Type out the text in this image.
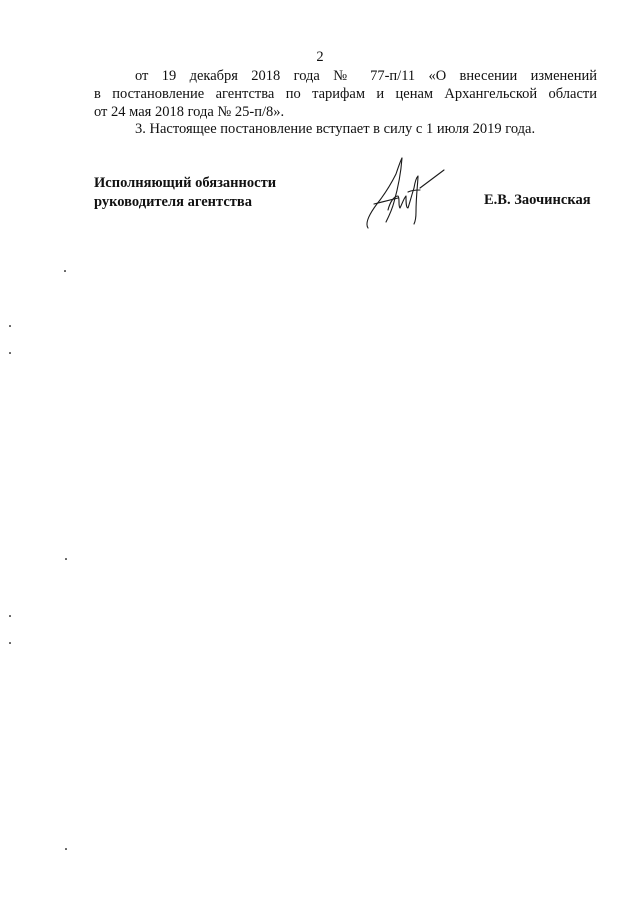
2
от 19 декабря 2018 года № 77-п/11 «О внесении изменений
в постановление агентства по тарифам и ценам Архангельской области
от 24 мая 2018 года № 25-п/8».
3. Настоящее постановление вступает в силу с 1 июля 2019 года.
Исполняющий обязанности
руководителя агентства	Е.В. Заочинская
